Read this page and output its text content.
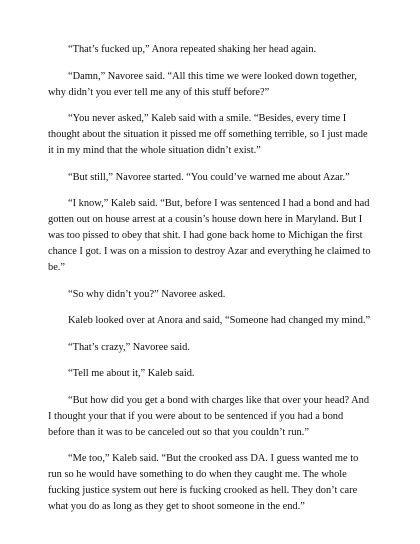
“That’s fucked up,” Anora repeated shaking her head again.

“Damn,” Navoree said. “All this time we were looked down together, why didn’t you ever tell me any of this stuff before?”

“You never asked,” Kaleb said with a smile. “Besides, every time I thought about the situation it pissed me off something terrible, so I just made it in my mind that the whole situation didn’t exist.”

“But still,” Navoree started. “You could’ve warned me about Azar.”

“I know,” Kaleb said. “But, before I was sentenced I had a bond and had gotten out on house arrest at a cousin’s house down here in Maryland. But I was too pissed to obey that shit. I had gone back home to Michigan the first chance I got. I was on a mission to destroy Azar and everything he claimed to be.”

“So why didn’t you?” Navoree asked.

Kaleb looked over at Anora and said, “Someone had changed my mind.”

“That’s crazy,” Navoree said.

“Tell me about it,” Kaleb said.

“But how did you get a bond with charges like that over your head? And I thought your that if you were about to be sentenced if you had a bond before than it was to be canceled out so that you couldn’t run.”

“Me too,” Kaleb said. “But the crooked ass DA. I guess wanted me to run so he would have something to do when they caught me. The whole fucking justice system out here is fucking crooked as hell. They don’t care what you do as long as they get to shoot someone in the end.”
